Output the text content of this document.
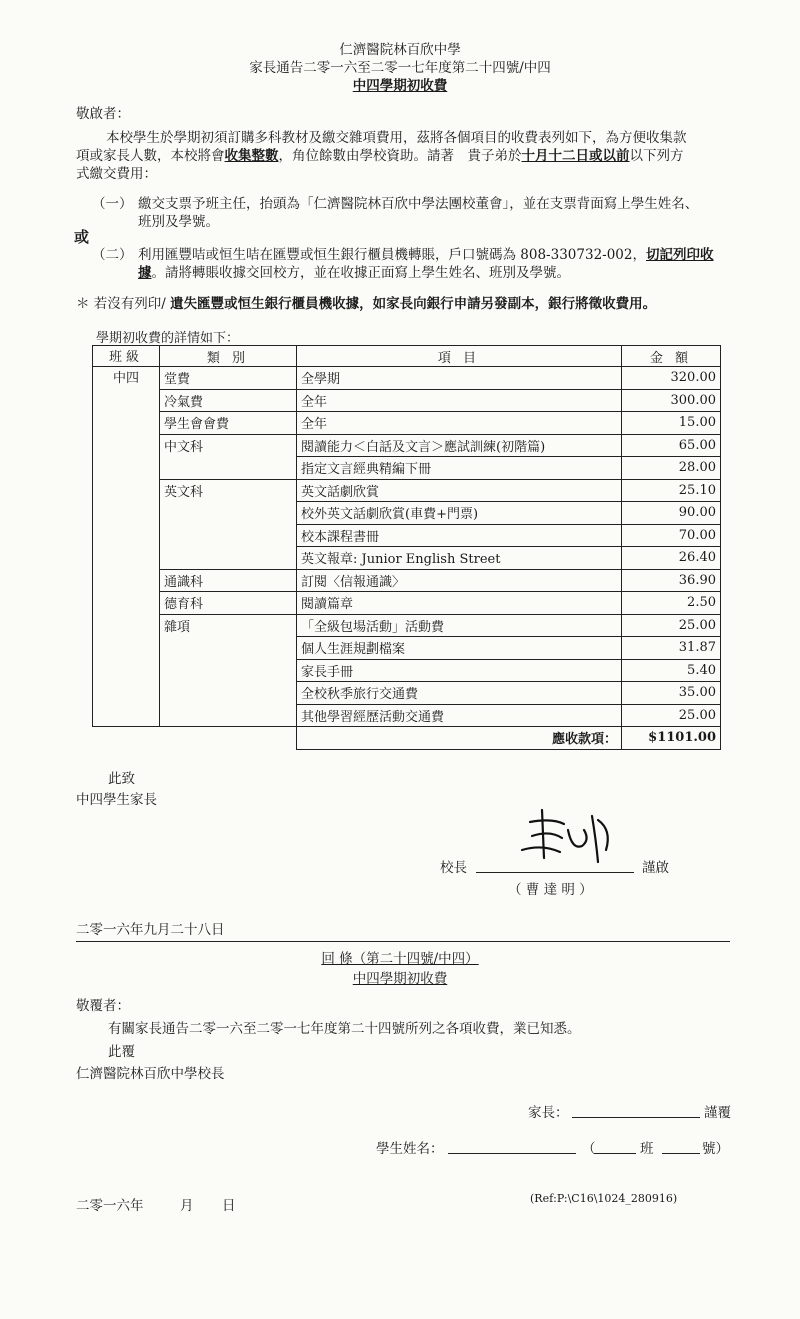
仁濟醫院林百欣中學
家長通告二零一六至二零一七年度第二十四號/中四
中四學期初收費
敬啟者：
本校學生於學期初須訂購多科教材及繳交雜項費用，茲將各個項目的收費表列如下，為方便收集款
項或家長人數，本校將會收集整數，角位餘數由學校資助。請著　貴子弟於十月十二日或以前以下列方
式繳交費用：
（一） 繳交支票予班主任，抬頭為「仁濟醫院林百欣中學法團校董會」，並在支票背面寫上學生姓名、
班別及學號。
或
（二） 利用匯豐咭或恒生咭在匯豐或恒生銀行櫃員機轉賬，戶口號碼為 808-330732-002，切記列印收
據。請將轉賬收據交回校方，並在收據正面寫上學生姓名、班別及學號。
＊ 若沒有列印/ 遺失匯豐或恒生銀行櫃員機收據，如家長向銀行申請另發副本，銀行將徵收費用。
學期初收費的詳情如下：
班級	類 別	項 目	金 額
中四	堂費	全學期	320.00
	冷氣費	全年	300.00
	學生會會費	全年	15.00
	中文科	閱讀能力＜白話及文言＞應試訓練(初階篇)	65.00
		指定文言經典精編下冊	28.00
	英文科	英文話劇欣賞	25.10
		校外英文話劇欣賞(車費+門票)	90.00
		校本課程書冊	70.00
		英文報章: Junior English Street	26.40
	通識科	訂閱〈信報通識〉	36.90
	德育科	閱讀篇章	2.50
	雜項	「全級包場活動」活動費	25.00
		個人生涯規劃檔案	31.87
		家長手冊	5.40
		全校秋季旅行交通費	35.00
		其他學習經歷活動交通費	25.00
		應收款項：	$1101.00
此致
中四學生家長
校長	謹啟
（ 曹 達 明 ）
二零一六年九月二十八日
回 條（第二十四號/中四）
中四學期初收費
敬覆者：
有關家長通告二零一六至二零一七年度第二十四號所列之各項收費，業已知悉。
此覆
仁濟醫院林百欣中學校長
家長：	謹覆
學生姓名：	（	班	號）
二零一六年	月 日	(Ref:P:\C16\1024_280916)
